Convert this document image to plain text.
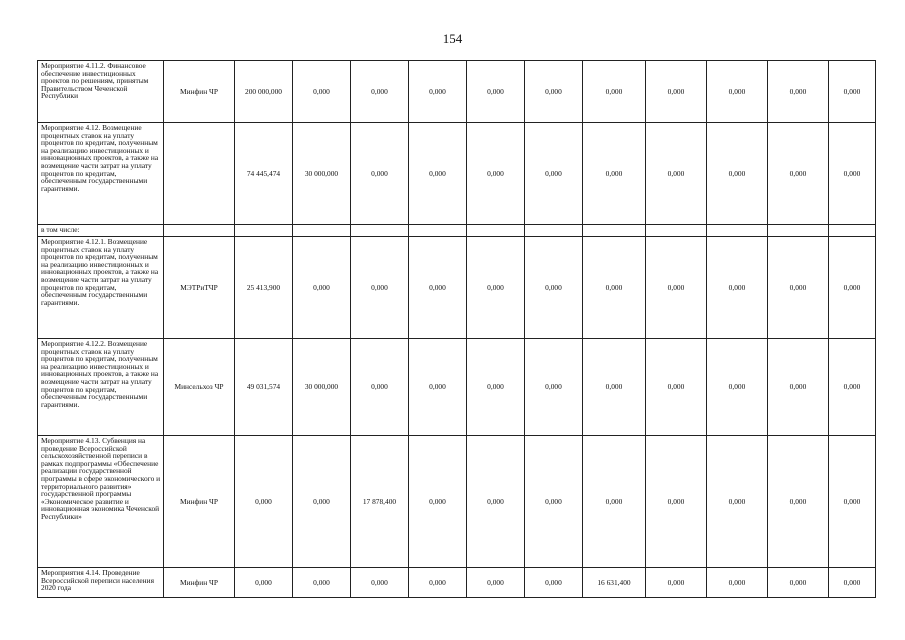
154
Мероприятие 4.11.2. Финансовое обеспечение инвестиционных проектов по решениям, принятым Правительством Чеченской Республики	Минфин ЧР	200 000,000	0,000	0,000	0,000	0,000	0,000	0,000	0,000	0,000	0,000	0,000
Мероприятие 4.12. Возмещение процентных ставок на уплату процентов по кредитам, полученным на реализацию инвестиционных и инновационных проектов, а также на возмещение части затрат на уплату процентов по кредитам, обеспеченным государственными гарантиями.		74 445,474	30 000,000	0,000	0,000	0,000	0,000	0,000	0,000	0,000	0,000	0,000
в том числе:												
Мероприятие 4.12.1. Возмещение процентных ставок на уплату процентов по кредитам, полученным на реализацию инвестиционных и инновационных проектов, а также на возмещение части затрат на уплату процентов по кредитам, обеспеченным государственными гарантиями.	МЭТРиТЧР	25 413,900	0,000	0,000	0,000	0,000	0,000	0,000	0,000	0,000	0,000	0,000
Мероприятие 4.12.2. Возмещение процентных ставок на уплату процентов по кредитам, полученным на реализацию инвестиционных и инновационных проектов, а также на возмещение части затрат на уплату процентов по кредитам, обеспеченным государственными гарантиями.	Минсельхоз ЧР	49 031,574	30 000,000	0,000	0,000	0,000	0,000	0,000	0,000	0,000	0,000	0,000
Мероприятие 4.13. Субвенция на проведение Всероссийской сельскохозяйственной переписи в рамках подпрограммы «Обеспечение реализации государственной программы в сфере экономического и территориального развития» государственной программы «Экономическое развитие и инновационная экономика Чеченской Республики»	Минфин ЧР	0,000	0,000	17 878,400	0,000	0,000	0,000	0,000	0,000	0,000	0,000	0,000
Мероприятия 4.14. Проведение Всероссийской переписи населения 2020 года	Минфин ЧР	0,000	0,000	0,000	0,000	0,000	0,000	16 631,400	0,000	0,000	0,000	0,000
